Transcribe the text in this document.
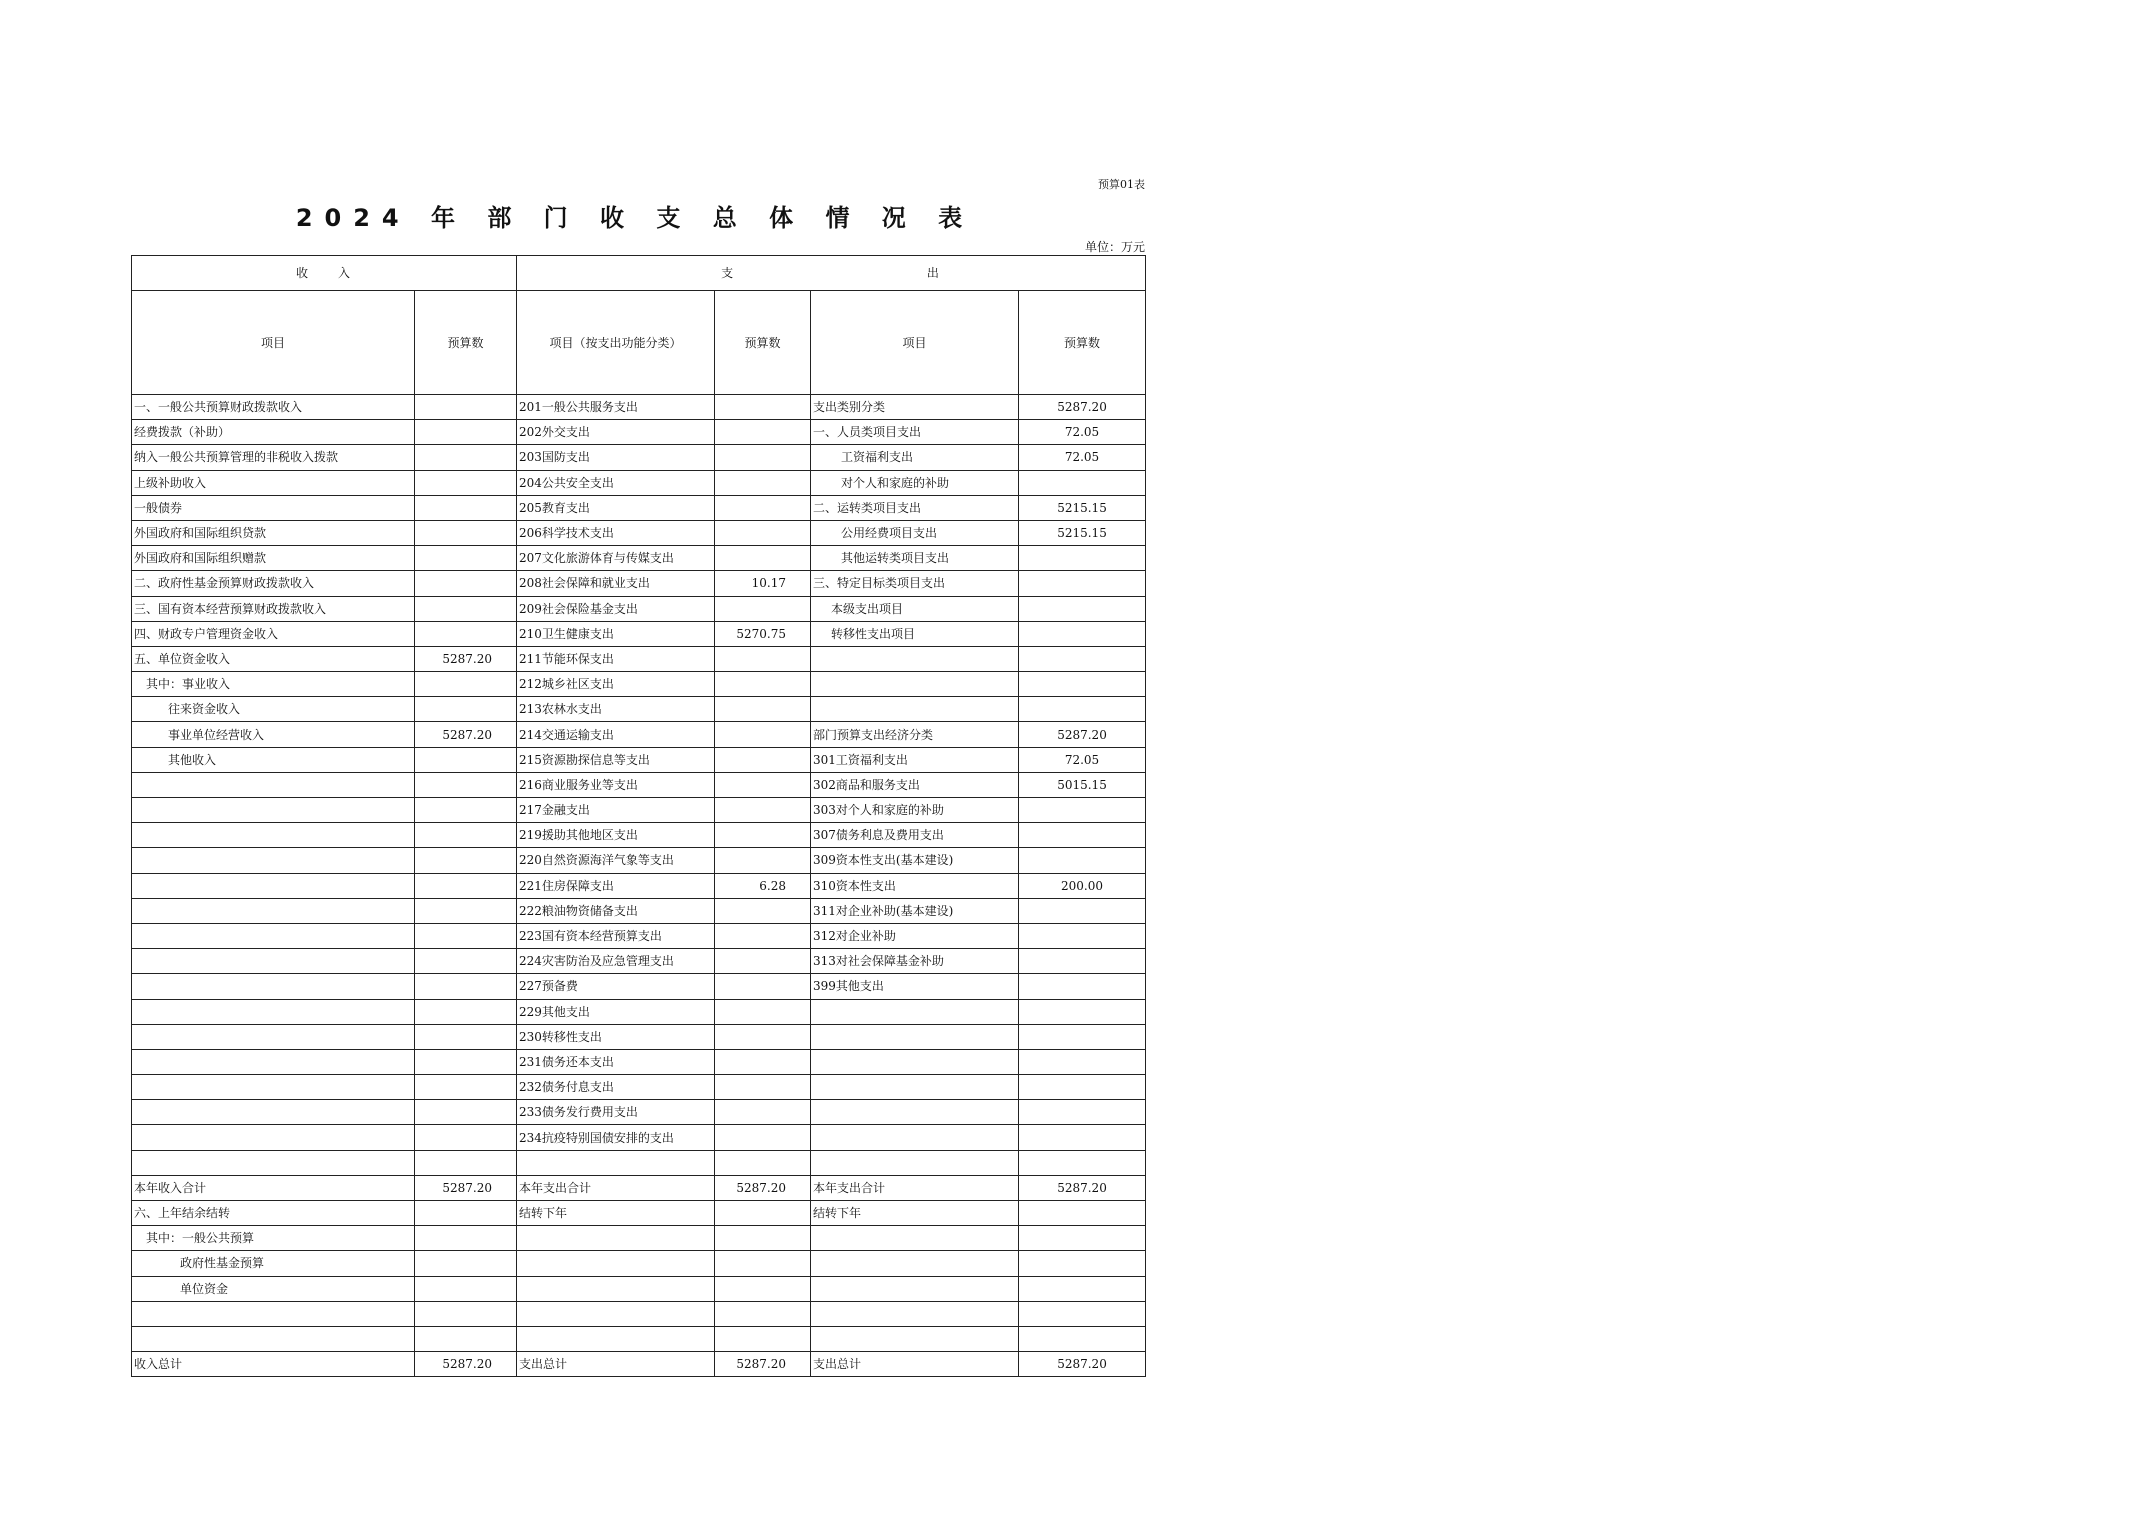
预算01表
2024 年 部 门 收 支 总 体 情 况 表
单位：万元
收　　入		支 出			
项目	预算数	项目（按支出功能分类）	预算数	项目	预算数
一、一般公共预算财政拨款收入		201一般公共服务支出		支出类别分类	5287.20
经费拨款（补助）		202外交支出		一、人员类项目支出	72.05
纳入一般公共预算管理的非税收入拨款		203国防支出		工资福利支出	72.05
上级补助收入		204公共安全支出		对个人和家庭的补助	
一般债券		205教育支出		二、运转类项目支出	5215.15
外国政府和国际组织贷款		206科学技术支出		公用经费项目支出	5215.15
外国政府和国际组织赠款		207文化旅游体育与传媒支出		其他运转类项目支出	
二、政府性基金预算财政拨款收入		208社会保障和就业支出	10.17	三、特定目标类项目支出	
三、国有资本经营预算财政拨款收入		209社会保险基金支出		本级支出项目	
四、财政专户管理资金收入		210卫生健康支出	5270.75	转移性支出项目	
五、单位资金收入	5287.20	211节能环保支出			
其中：事业收入		212城乡社区支出			
往来资金收入		213农林水支出			
事业单位经营收入	5287.20	214交通运输支出		部门预算支出经济分类	5287.20
其他收入		215资源勘探信息等支出		301工资福利支出	72.05
		216商业服务业等支出		302商品和服务支出	5015.15
		217金融支出		303对个人和家庭的补助	
		219援助其他地区支出		307债务利息及费用支出	
		220自然资源海洋气象等支出		309资本性支出(基本建设)	
		221住房保障支出	6.28	310资本性支出	200.00
		222粮油物资储备支出		311对企业补助(基本建设)	
		223国有资本经营预算支出		312对企业补助	
		224灾害防治及应急管理支出		313对社会保障基金补助	
		227预备费		399其他支出	
		229其他支出			
		230转移性支出			
		231债务还本支出			
		232债务付息支出			
		233债务发行费用支出			
		234抗疫特别国债安排的支出			

本年收入合计	5287.20	本年支出合计	5287.20	本年支出合计	5287.20
六、上年结余结转		结转下年		结转下年	
其中：一般公共预算					
政府性基金预算					
单位资金					

收入总计	5287.20	支出总计	5287.20	支出总计	5287.20
